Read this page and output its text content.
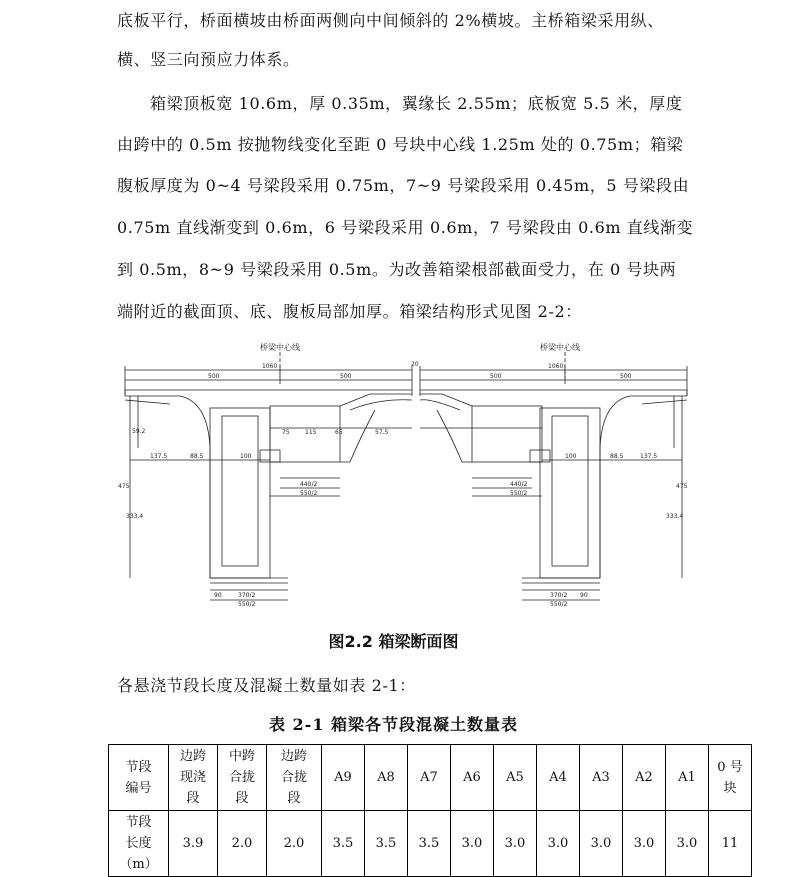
底板平行，桥面横坡由桥面两侧向中间倾斜的 2%横坡。主桥箱梁采用纵、
横、竖三向预应力体系。
箱梁顶板宽 10.6m，厚 0.35m，翼缘长 2.55m；底板宽 5.5 米，厚度
由跨中的 0.5m 按抛物线变化至距 0 号块中心线 1.25m 处的 0.75m；箱梁
腹板厚度为 0~4 号梁段采用 0.75m，7~9 号梁段采用 0.45m，5 号梁段由
0.75m 直线渐变到 0.6m，6 号梁段采用 0.6m，7 号梁段由 0.6m 直线渐变
到 0.5m，8~9 号梁段采用 0.5m。为改善箱梁根部截面受力，在 0 号块两
端附近的截面顶、底、腹板局部加厚。箱梁结构形式见图 2-2：
桥梁中心线	桥梁中心线
1060
500	500
20	1060
500	500
137.5	88.5	100
440/2
550/2
370/2
550/2
90
475
333.4
137.5
88.5
100
440/2
550/2
370/2
550/2
90
475
333.4
75	115	65	57.5
59.2
图2.2 箱梁断面图
各悬浇节段长度及混凝土数量如表 2-1：
表 2-1 箱梁各节段混凝土数量表
节段
编号	边跨
现浇
段	中跨
合拢
段	边跨
合拢
段	A9	A8	A7	A6	A5	A4	A3	A2	A1	0 号
块
节段
长度
（m）	3.9	2.0	2.0	3.5	3.5	3.5	3.0	3.0	3.0	3.0	3.0	3.0	11
